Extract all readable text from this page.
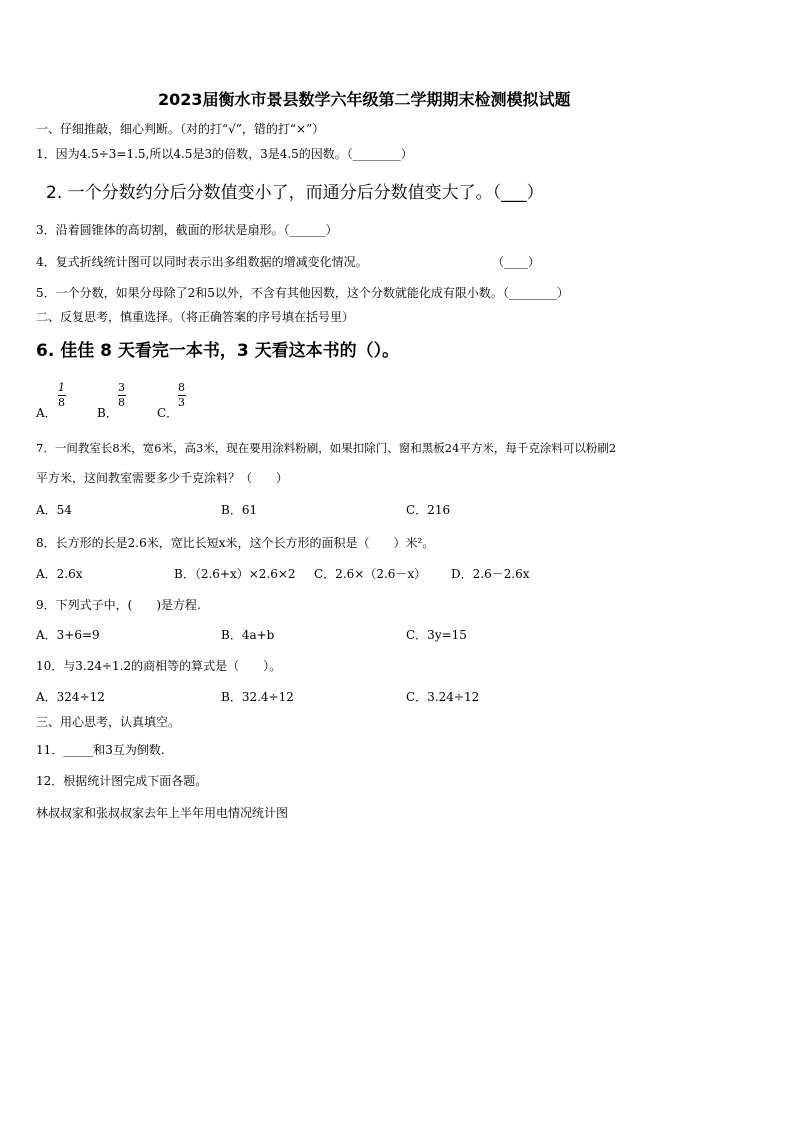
2023届衡水市景县数学六年级第二学期期末检测模拟试题
一、仔细推敲，细心判断。（对的打“√”，错的打“×”）
1．因为4.5÷3=1.5,所以4.5是3的倍数，3是4.5的因数。（________）
2. 一个分数约分后分数值变小了，而通分后分数值变大了。（___）
3．沿着圆锥体的高切割，截面的形状是扇形。（______）
4．复式折线统计图可以同时表示出多组数据的增减变化情况。	（____）
5．一个分数，如果分母除了2和5以外，不含有其他因数，这个分数就能化成有限小数。（________）
二、反复思考，慎重选择。（将正确答案的序号填在括号里）
6. 佳佳 8 天看完一本书，3 天看这本书的（）。
A．
1
8
B．
3
8
C．
8
3
7．一间教室长8米，宽6米，高3米，现在要用涂料粉刷，如果扣除门、窗和黑板24平方米，每千克涂料可以粉刷2
平方米，这间教室需要多少千克涂料？（　　）
A．54	B．61	C．216
8．长方形的长是2.6米，宽比长短x米，这个长方形的面积是（　　）米²。
A．2.6x	B．（2.6+x）×2.6×2 C．2.6×（2.6－x） D．2.6－2.6x
9．下列式子中，(　　)是方程.
A．3+6=9	B．4a+b	C．3y=15
10．与3.24÷1.2的商相等的算式是（　　）。
A．324÷12	B．32.4÷12	C．3.24÷12
三、用心思考，认真填空。
11．_____和3互为倒数.
12．根据统计图完成下面各题。
林叔叔家和张叔叔家去年上半年用电情况统计图
